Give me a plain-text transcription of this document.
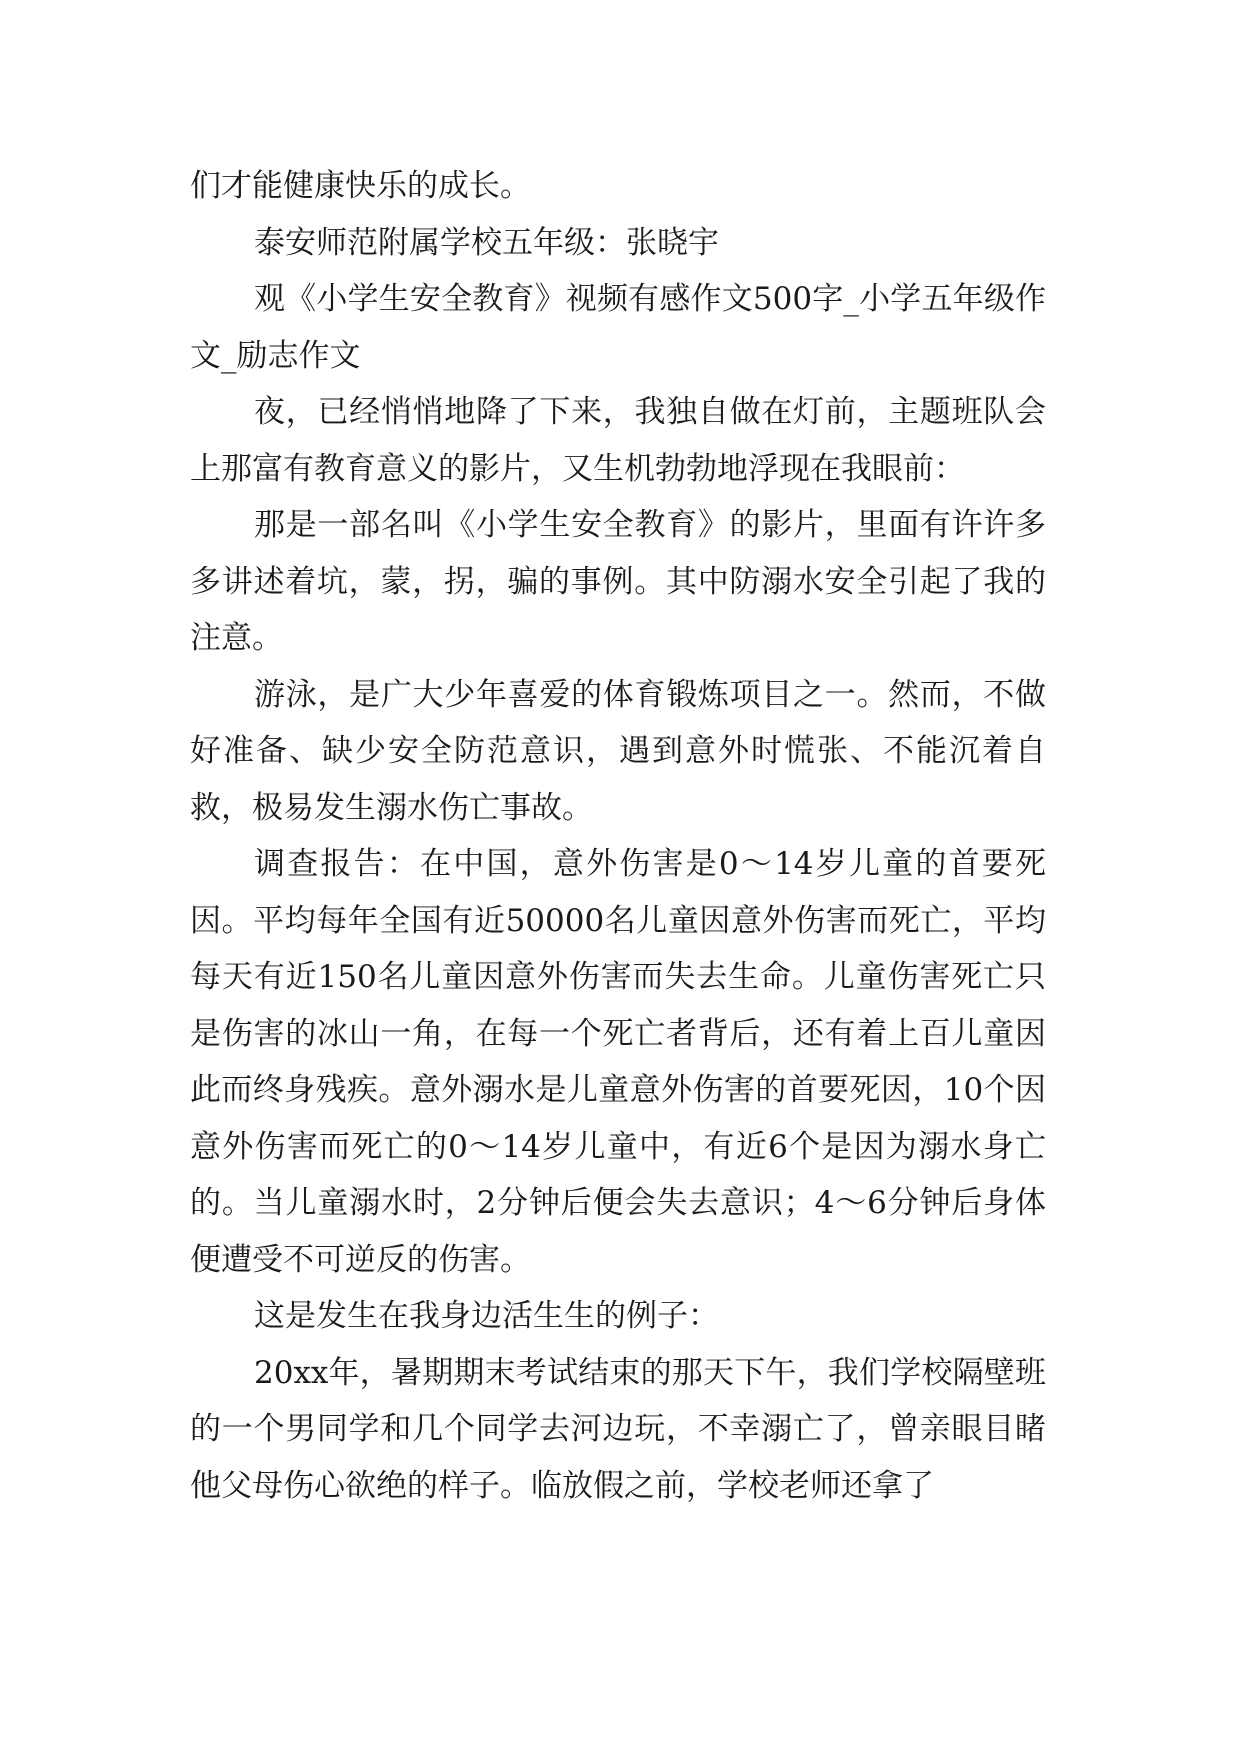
们才能健康快乐的成长。

泰安师范附属学校五年级：张晓宇

观《小学生安全教育》视频有感作文500字_小学五年级作文_励志作文

夜，已经悄悄地降了下来，我独自做在灯前，主题班队会上那富有教育意义的影片，又生机勃勃地浮现在我眼前：

那是一部名叫《小学生安全教育》的影片，里面有许许多多讲述着坑，蒙，拐，骗的事例。其中防溺水安全引起了我的注意。

游泳，是广大少年喜爱的体育锻炼项目之一。然而，不做好准备、缺少安全防范意识，遇到意外时慌张、不能沉着自救，极易发生溺水伤亡事故。

调查报告：在中国，意外伤害是0～14岁儿童的首要死因。平均每年全国有近50000名儿童因意外伤害而死亡，平均每天有近150名儿童因意外伤害而失去生命。儿童伤害死亡只是伤害的冰山一角，在每一个死亡者背后，还有着上百儿童因此而终身残疾。意外溺水是儿童意外伤害的首要死因，10个因意外伤害而死亡的0～14岁儿童中，有近6个是因为溺水身亡的。当儿童溺水时，2分钟后便会失去意识；4～6分钟后身体便遭受不可逆反的伤害。

这是发生在我身边活生生的例子：

20xx年，暑期期末考试结束的那天下午，我们学校隔壁班的一个男同学和几个同学去河边玩，不幸溺亡了，曾亲眼目睹他父母伤心欲绝的样子。临放假之前，学校老师还拿了
